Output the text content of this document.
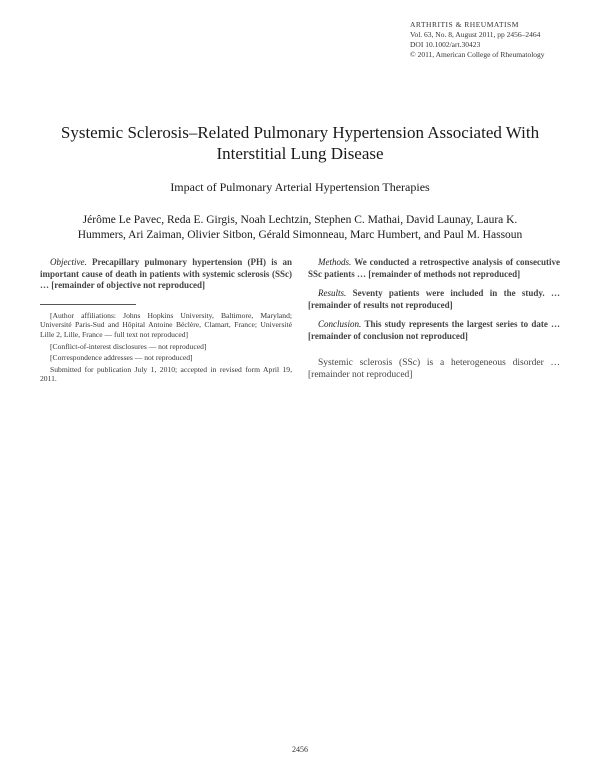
ARTHRITIS & RHEUMATISM
Vol. 63, No. 8, August 2011, pp 2456–2464
DOI 10.1002/art.30423
© 2011, American College of Rheumatology
Systemic Sclerosis–Related Pulmonary Hypertension Associated With Interstitial Lung Disease
Impact of Pulmonary Arterial Hypertension Therapies
Jérôme Le Pavec, Reda E. Girgis, Noah Lechtzin, Stephen C. Mathai, David Launay, Laura K. Hummers, Ari Zaiman, Olivier Sitbon, Gérald Simonneau, Marc Humbert, and Paul M. Hassoun

Objective. Precapillary pulmonary hypertension (PH) is an important cause of death in patients with systemic sclerosis (SSc) … [remainder of objective not reproduced]

[Author affiliations: Johns Hopkins University, Baltimore, Maryland; Université Paris-Sud and Hôpital Antoine Béclère, Clamart, France; Université Lille 2, Lille, France — full text not reproduced]

[Conflict-of-interest disclosures — not reproduced]

[Correspondence addresses — not reproduced]

Submitted for publication July 1, 2010; accepted in revised form April 19, 2011.

Methods. We conducted a retrospective analysis of consecutive SSc patients … [remainder of methods not reproduced]

Results. Seventy patients were included in the study. … [remainder of results not reproduced]

Conclusion. This study represents the largest series to date … [remainder of conclusion not reproduced]

Systemic sclerosis (SSc) is a heterogeneous disorder … [remainder not reproduced]

2456
